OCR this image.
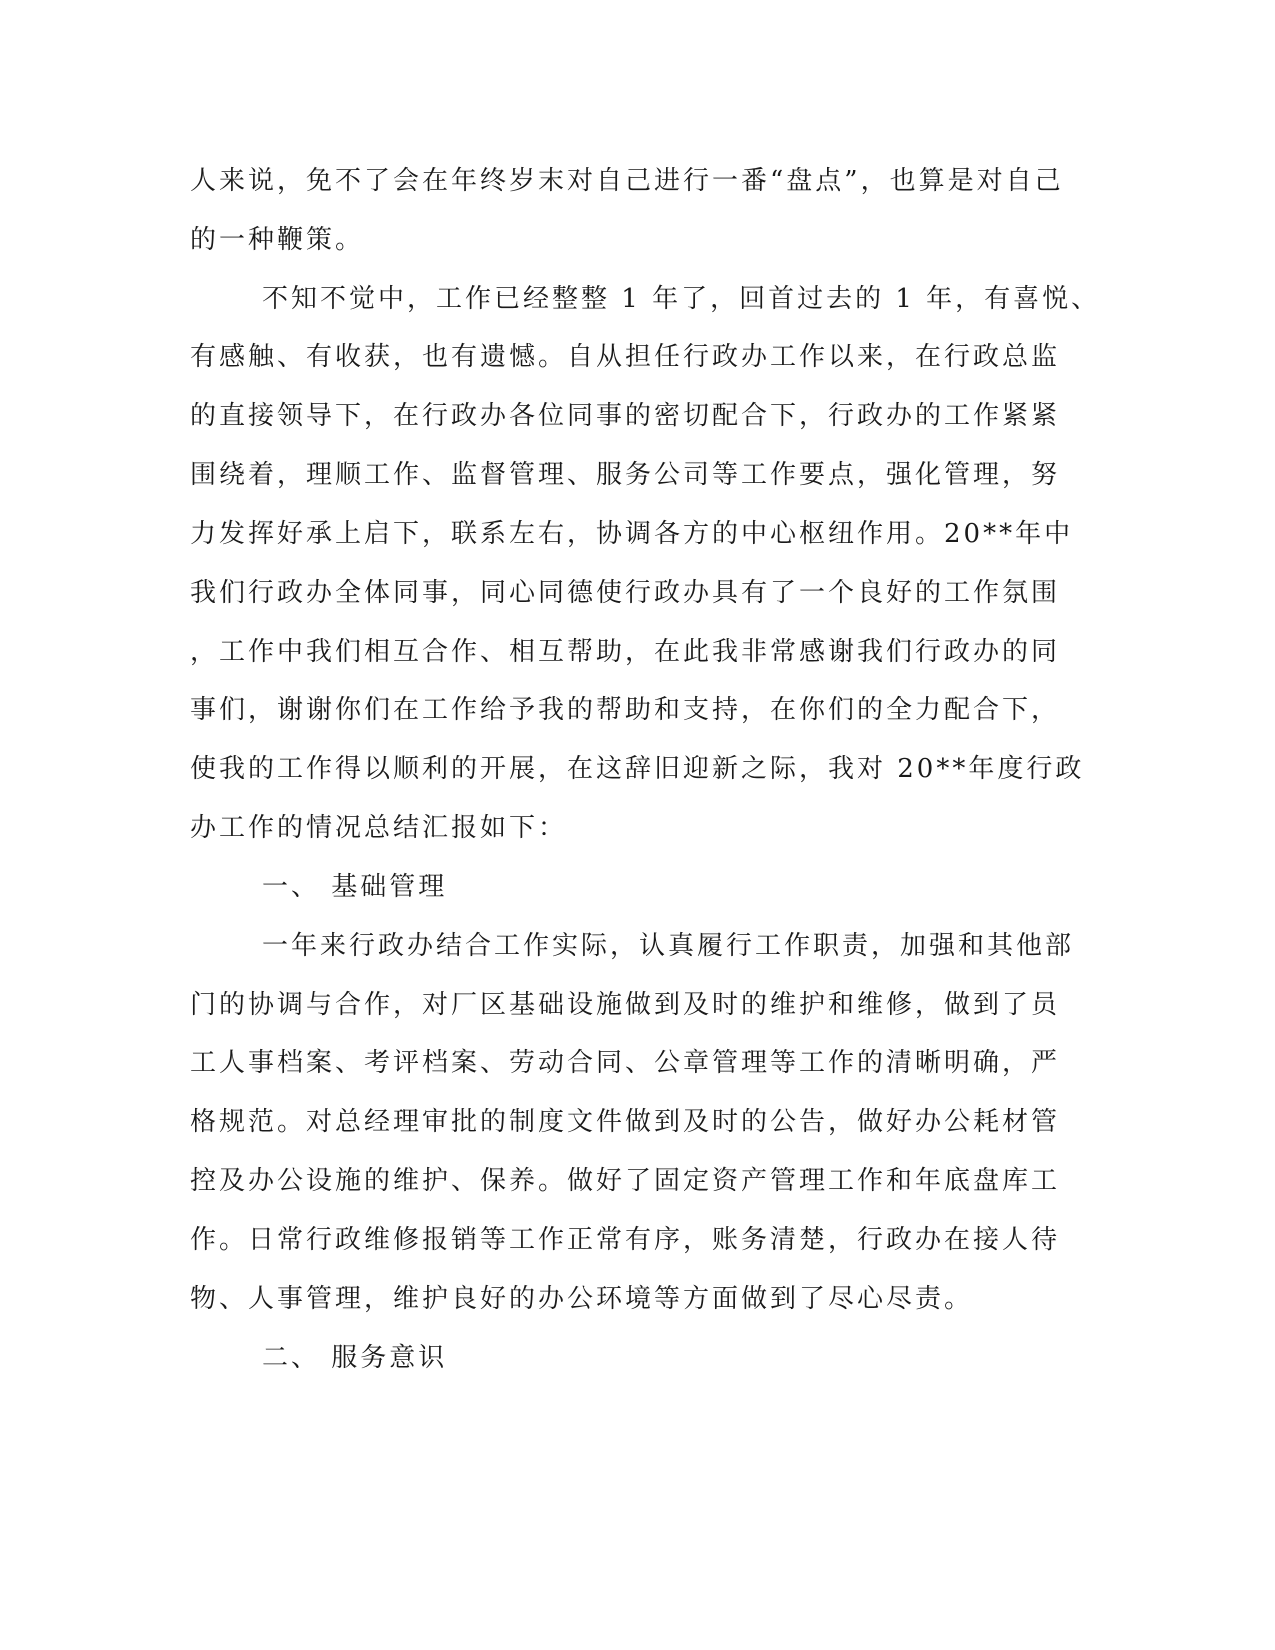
人来说，免不了会在年终岁末对自己进行一番“盘点”，也算是对自己
的一种鞭策。
不知不觉中，工作已经整整 1 年了，回首过去的 1 年，有喜悦、
有感触、有收获，也有遗憾。自从担任行政办工作以来，在行政总监
的直接领导下，在行政办各位同事的密切配合下，行政办的工作紧紧
围绕着，理顺工作、监督管理、服务公司等工作要点，强化管理，努
力发挥好承上启下，联系左右，协调各方的中心枢纽作用。20**年中
我们行政办全体同事，同心同德使行政办具有了一个良好的工作氛围
，工作中我们相互合作、相互帮助，在此我非常感谢我们行政办的同
事们，谢谢你们在工作给予我的帮助和支持，在你们的全力配合下，
使我的工作得以顺利的开展，在这辞旧迎新之际，我对 20**年度行政
办工作的情况总结汇报如下：
一、 基础管理
一年来行政办结合工作实际，认真履行工作职责，加强和其他部
门的协调与合作，对厂区基础设施做到及时的维护和维修，做到了员
工人事档案、考评档案、劳动合同、公章管理等工作的清晰明确，严
格规范。对总经理审批的制度文件做到及时的公告，做好办公耗材管
控及办公设施的维护、保养。做好了固定资产管理工作和年底盘库工
作。日常行政维修报销等工作正常有序，账务清楚，行政办在接人待
物、人事管理，维护良好的办公环境等方面做到了尽心尽责。
二、 服务意识
